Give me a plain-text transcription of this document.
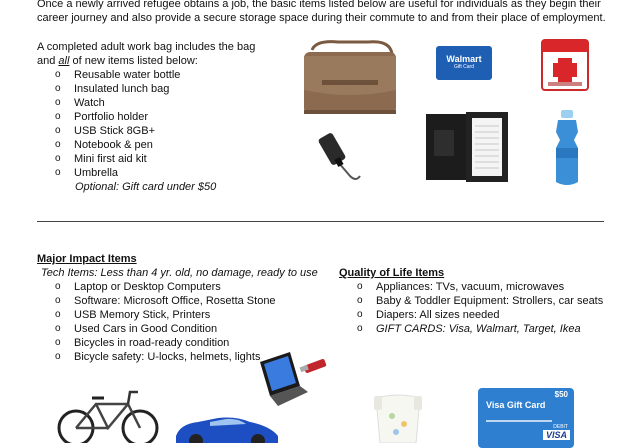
Once a newly arrived refugee obtains a job, the basic items listed below are useful for individuals as they begin their
career journey and also provide a secure storage space during their commute to and from their place of employment.
A completed adult work bag includes the bag
and all of new items listed below:
o Reusable water bottle
o Insulated lunch bag
o Watch
o Portfolio holder
o USB Stick 8GB+
o Notebook & pen
o Mini first aid kit
o Umbrella
Optional: Gift card under $50
Walmart
Gift Card
Major Impact Items
Tech Items: Less than 4 yr. old, no damage, ready to use
o Laptop or Desktop Computers
o Software: Microsoft Office, Rosetta Stone
o USB Memory Stick, Printers
o Used Cars in Good Condition
o Bicycles in road-ready condition
o Bicycle safety: U-locks, helmets, lights
Quality of Life Items
o Appliances: TVs, vacuum, microwaves
o Baby & Toddler Equipment: Strollers, car seats
o Diapers: All sizes needed
o GIFT CARDS: Visa, Walmart, Target, Ikea
$50
Visa Gift Card
DEBIT
VISA
